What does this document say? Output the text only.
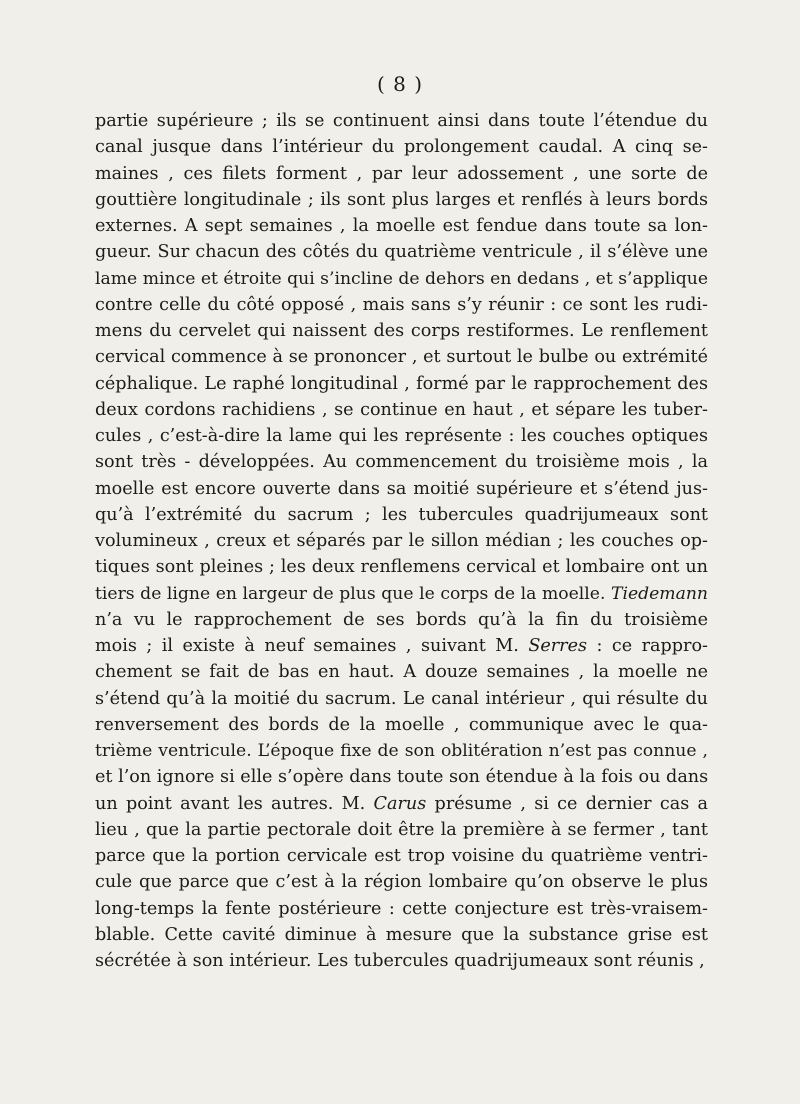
( 8 )
partie supérieure ; ils se continuent ainsi dans toute l’étendue du
canal jusque dans l’intérieur du prolongement caudal. A cinq se-
maines , ces filets forment , par leur adossement , une sorte de
gouttière longitudinale ; ils sont plus larges et renflés à leurs bords
externes. A sept semaines , la moelle est fendue dans toute sa lon-
gueur. Sur chacun des côtés du quatrième ventricule , il s’élève une
lame mince et étroite qui s’incline de dehors en dedans , et s’applique
contre celle du côté opposé , mais sans s’y réunir : ce sont les rudi-
mens du cervelet qui naissent des corps restiformes. Le renflement
cervical commence à se prononcer , et surtout le bulbe ou extrémité
céphalique. Le raphé longitudinal , formé par le rapprochement des
deux cordons rachidiens , se continue en haut , et sépare les tuber-
cules , c’est-à-dire la lame qui les représente : les couches optiques
sont très - développées. Au commencement du troisième mois , la
moelle est encore ouverte dans sa moitié supérieure et s’étend jus-
qu’à l’extrémité du sacrum ; les tubercules quadrijumeaux sont
volumineux , creux et séparés par le sillon médian ; les couches op-
tiques sont pleines ; les deux renflemens cervical et lombaire ont un
tiers de ligne en largeur de plus que le corps de la moelle. Tiedemann
n’a vu le rapprochement de ses bords qu’à la fin du troisième
mois ; il existe à neuf semaines , suivant M. Serres : ce rappro-
chement se fait de bas en haut. A douze semaines , la moelle ne
s’étend qu’à la moitié du sacrum. Le canal intérieur , qui résulte du
renversement des bords de la moelle , communique avec le qua-
trième ventricule. L’époque fixe de son oblitération n’est pas connue ,
et l’on ignore si elle s’opère dans toute son étendue à la fois ou dans
un point avant les autres. M. Carus présume , si ce dernier cas a
lieu , que la partie pectorale doit être la première à se fermer , tant
parce que la portion cervicale est trop voisine du quatrième ventri-
cule que parce que c’est à la région lombaire qu’on observe le plus
long-temps la fente postérieure : cette conjecture est très-vraisem-
blable. Cette cavité diminue à mesure que la substance grise est
sécrétée à son intérieur. Les tubercules quadrijumeaux sont réunis ,
